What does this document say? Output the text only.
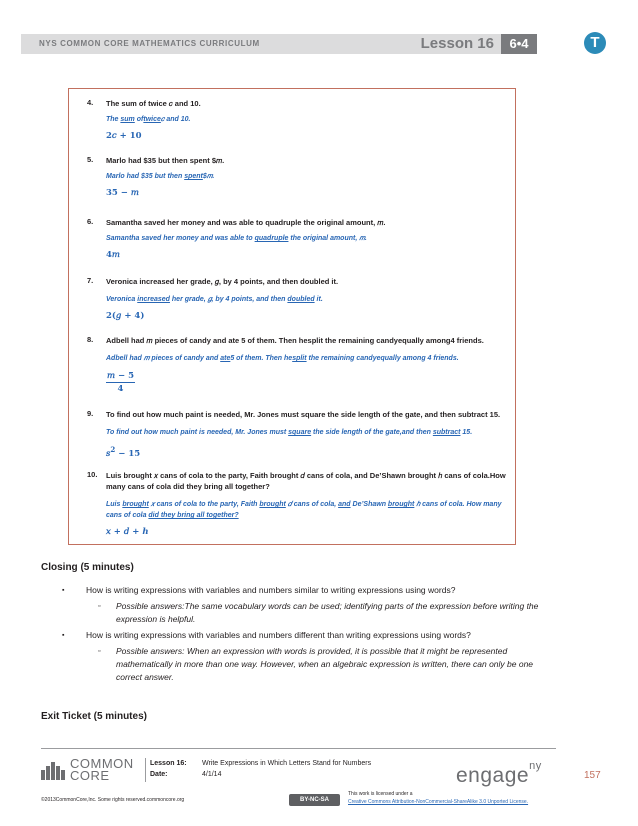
NYS COMMON CORE MATHEMATICS CURRICULUM	Lesson 16	6•4	T
4. The sum of twice 𝑐 and 10.
The sum oftwice𝑐 and 10.
2𝑐 + 10
5. Marlo had $35 but then spent $𝑚.
Marlo had $35 but then spent$𝑚.
35 − 𝑚
6. Samantha saved her money and was able to quadruple the original amount, 𝑚.
Samantha saved her money and was able to quadruple the original amount, 𝑚.
4𝑚
7. Veronica increased her grade, 𝑔, by 4 points, and then doubled it.
Veronica increased her grade, 𝑔, by 4 points, and then doubled it.
2(𝑔 + 4)
8. Adbell had 𝑚 pieces of candy and ate 5 of them. Then hesplit the remaining candyequally among4 friends.
Adbell had 𝑚 pieces of candy and ate5 of them. Then hesplit the remaining candyequally among 4 friends.
$\frac{\text{𝑚 − 5}}{4}$
9. To find out how much paint is needed, Mr. Jones must square the side length of the gate, and then subtract 15.
To find out how much paint is needed, Mr. Jones must square the side length of the gate,and then subtract 15.
𝑠$^2$ − 15
10. Luis brought 𝑥 cans of cola to the party, Faith brought 𝑑 cans of cola, and De’Shawn brought ℎ cans of cola.How many cans of cola did they bring all together?
Luis brought 𝑥 cans of cola to the party, Faith brought 𝑑 cans of cola, and De’Shawn brought ℎ cans of cola. How many cans of cola did they bring all together?
𝑥 + 𝑑 + ℎ
Closing (5 minutes)
▪	How is writing expressions with variables and numbers similar to writing expressions using words?
▫ Possible answers:The same vocabulary words can be used; identifying parts of the expression before writing the expression is helpful.
▪	How is writing expressions with variables and numbers different than writing expressions using words?
▫ Possible answers: When an expression with words is provided, it is possible that it might be represented mathematically in more than one way. However, when an algebraic expression is written, there can only be one correct answer.
Exit Ticket (5 minutes)
COMMON
CORE
Lesson 16: Write Expressions in Which Letters Stand for Numbers
Date:	4/1/14	engage$^{ny}$
157
©2013CommonCore,Inc. Some rights reserved.commoncore.org	BY-NC-SA
This work is licensed under a
Creative Commons Attribution-NonCommercial-ShareAlike 3.0 Unported License.
